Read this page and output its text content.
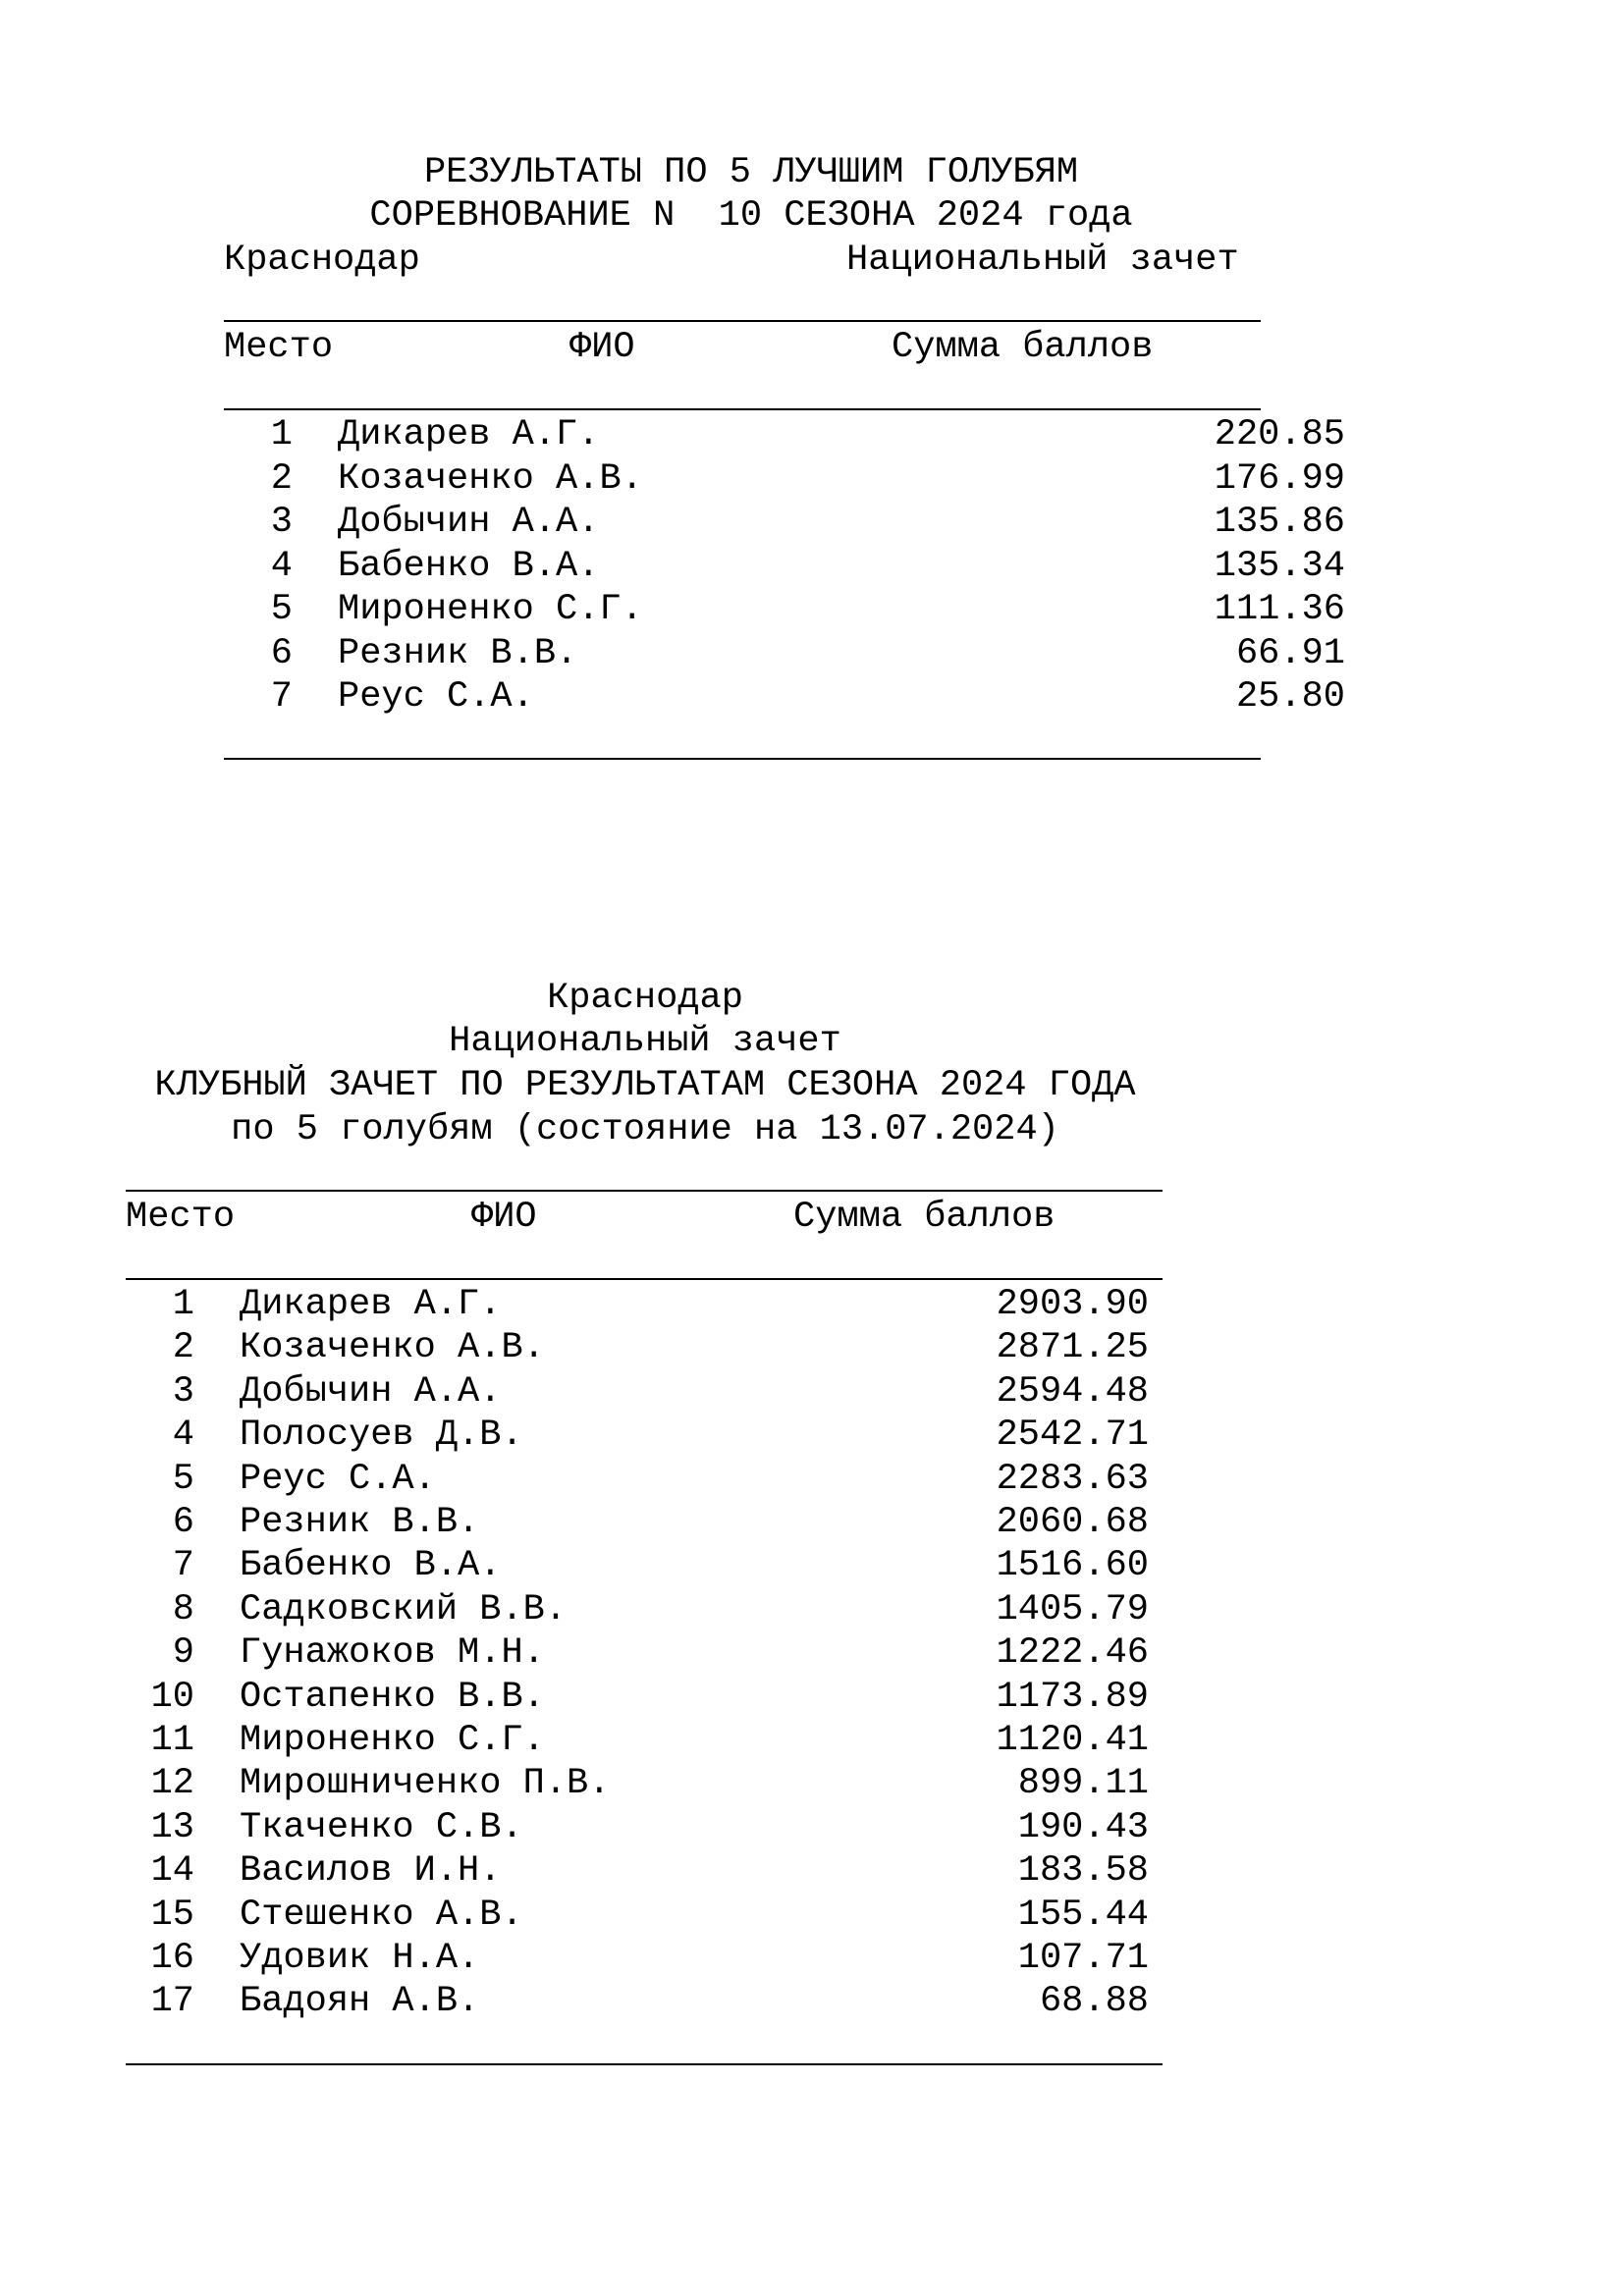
РЕЗУЛЬТАТЫ ПО 5 ЛУЧШИМ ГОЛУБЯМ
СОРЕВНОВАНИЕ N  10 СЕЗОНА 2024 года
Краснодар	Национальный зачет
Место	ФИО	Сумма баллов
1 Дикарев А.Г.	220.85
2 Козаченко А.В.	176.99
3 Добычин А.А.	135.86
4 Бабенко В.А.	135.34
5 Мироненко С.Г.	111.36
6 Резник В.В.	66.91
7 Реус С.А.	25.80
Краснодар
Национальный зачет
КЛУБНЫЙ ЗАЧЕТ ПО РЕЗУЛЬТАТАМ СЕЗОНА 2024 ГОДА
по 5 голубям (состояние на 13.07.2024)
Место	ФИО	Сумма баллов
1 Дикарев А.Г.	2903.90
2 Козаченко А.В.	2871.25
3 Добычин А.А.	2594.48
4 Полосуев Д.В.	2542.71
5 Реус С.А.	2283.63
6 Резник В.В.	2060.68
7 Бабенко В.А.	1516.60
8 Садковский В.В.	1405.79
9 Гунажоков М.Н.	1222.46
10 Остапенко В.В.	1173.89
11 Мироненко С.Г.	1120.41
12 Мирошниченко П.В.	899.11
13 Ткаченко С.В.	190.43
14 Василов И.Н.	183.58
15 Стешенко А.В.	155.44
16 Удовик Н.А.	107.71
17 Бадоян А.В.	68.88
